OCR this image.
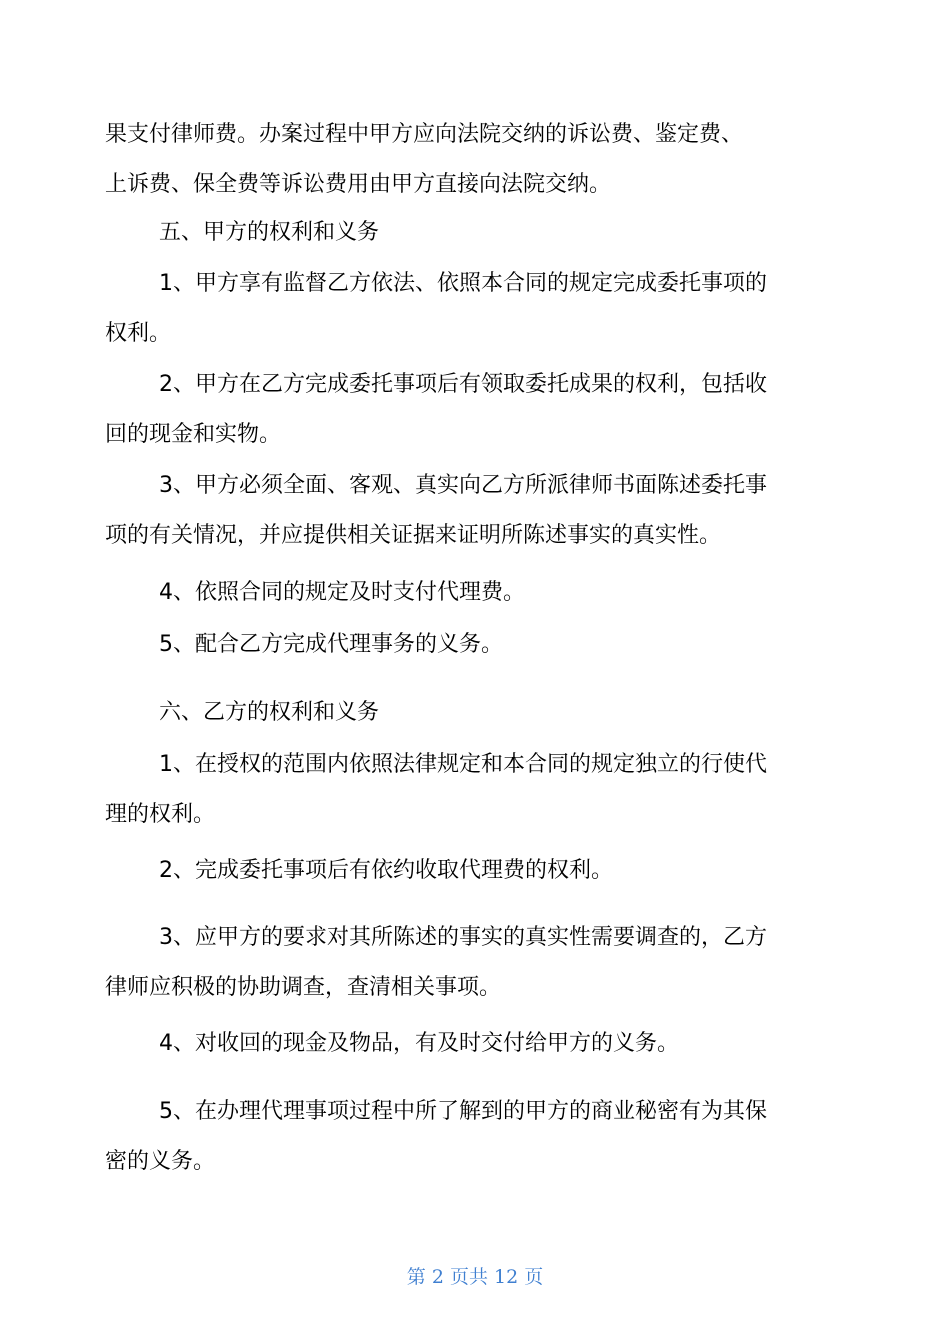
果支付律师费。办案过程中甲方应向法院交纳的诉讼费、鉴定费、
上诉费、保全费等诉讼费用由甲方直接向法院交纳。

五、甲方的权利和义务

1、甲方享有监督乙方依法、依照本合同的规定完成委托事项的

权利。

2、甲方在乙方完成委托事项后有领取委托成果的权利，包括收

回的现金和实物。

3、甲方必须全面、客观、真实向乙方所派律师书面陈述委托事

项的有关情况，并应提供相关证据来证明所陈述事实的真实性。

4、依照合同的规定及时支付代理费。

5、配合乙方完成代理事务的义务。

六、乙方的权利和义务

1、在授权的范围内依照法律规定和本合同的规定独立的行使代

理的权利。

2、完成委托事项后有依约收取代理费的权利。

3、应甲方的要求对其所陈述的事实的真实性需要调查的，乙方

律师应积极的协助调查，查清相关事项。

4、对收回的现金及物品，有及时交付给甲方的义务。

5、在办理代理事项过程中所了解到的甲方的商业秘密有为其保

密的义务。

第 2 页共 12 页
